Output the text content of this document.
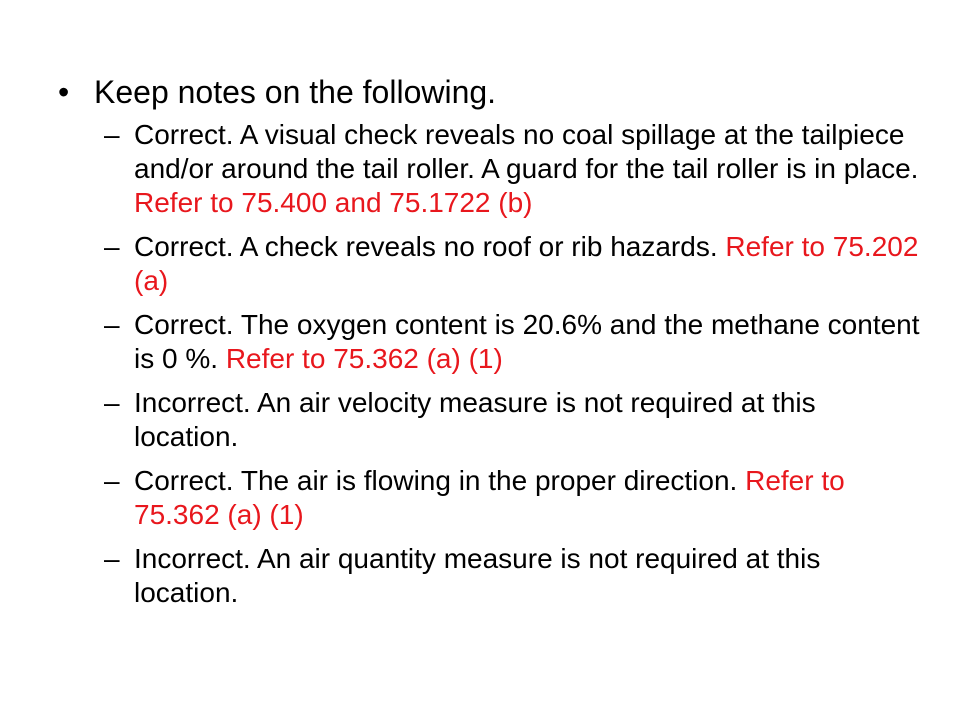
• Keep notes on the following.
– Correct. A visual check reveals no coal spillage at the tailpiece and/or around the tail roller. A guard for the tail roller is in place. Refer to 75.400 and 75.1722 (b)
– Correct. A check reveals no roof or rib hazards. Refer to 75.202 (a)
– Correct. The oxygen content is 20.6% and the methane content is 0 %. Refer to 75.362 (a) (1)
– Incorrect. An air velocity measure is not required at this location.
– Correct. The air is flowing in the proper direction. Refer to 75.362 (a) (1)
– Incorrect. An air quantity measure is not required at this location.
